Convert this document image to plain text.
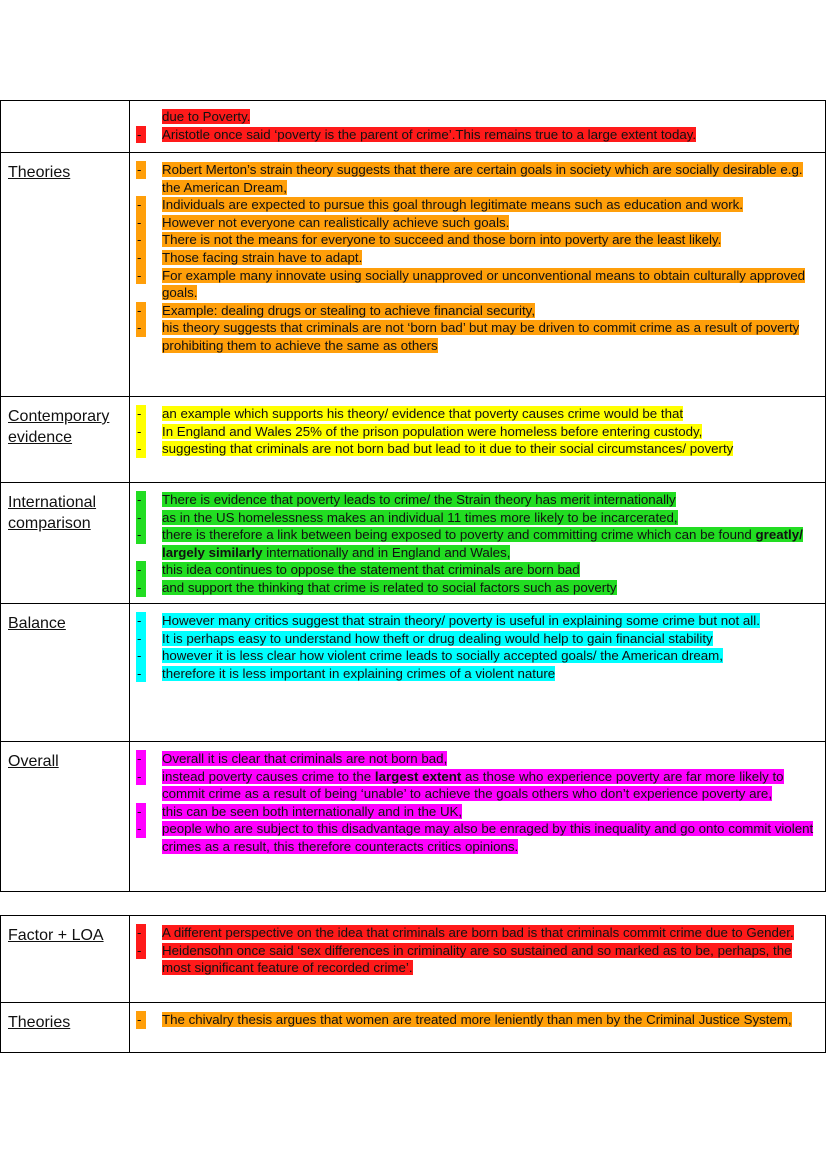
due to Poverty.
-	Aristotle once said ‘poverty is the parent of crime’.This remains true to a large extent today.
Theories	-	Robert Merton’s strain theory suggests that there are certain goals in society which are socially desirable e.g. the American Dream,
-	Individuals are expected to pursue this goal through legitimate means such as education and work.
-	However not everyone can realistically achieve such goals.
-	There is not the means for everyone to succeed and those born into poverty are the least likely.
-	Those facing strain have to adapt.
-	For example many innovate using socially unapproved or unconventional means to obtain culturally approved goals.
-	Example: dealing drugs or stealing to achieve financial security,
-	his theory suggests that criminals are not ‘born bad’ but may be driven to commit crime as a result of poverty prohibiting them to achieve the same as others
Contemporary evidence
-	an example which supports his theory/ evidence that poverty causes crime would be that
-	In England and Wales 25% of the prison population were homeless before entering custody,
-	suggesting that criminals are not born bad but lead to it due to their social circumstances/ poverty
International comparison
-	There is evidence that poverty leads to crime/ the Strain theory has merit internationally
-	as in the US homelessness makes an individual 11 times more likely to be incarcerated,
-	there is therefore a link between being exposed to poverty and committing crime which can be found greatly/ largely similarly internationally and in England and Wales,
-	this idea continues to oppose the statement that criminals are born bad
-	and support the thinking that crime is related to social factors such as poverty
Balance	-	However many critics suggest that strain theory/ poverty is useful in explaining some crime but not all.
-	It is perhaps easy to understand how theft or drug dealing would help to gain financial stability
-	however it is less clear how violent crime leads to socially accepted goals/ the American dream,
-	therefore it is less important in explaining crimes of a violent nature
Overall	-	Overall it is clear that criminals are not born bad,
-	instead poverty causes crime to the largest extent as those who experience poverty are far more likely to commit crime as a result of being ‘unable’ to achieve the goals others who don’t experience poverty are,
-	this can be seen both internationally and in the UK,
-	people who are subject to this disadvantage may also be enraged by this inequality and go onto commit violent crimes as a result, this therefore counteracts critics opinions.
Factor + LOA	-	A different perspective on the idea that criminals are born bad is that criminals commit crime due to Gender.
-	Heidensohn once said ‘sex differences in criminality are so sustained and so marked as to be, perhaps, the most significant feature of recorded crime’.
Theories	-	The chivalry thesis argues that women are treated more leniently than men by the Criminal Justice System,
